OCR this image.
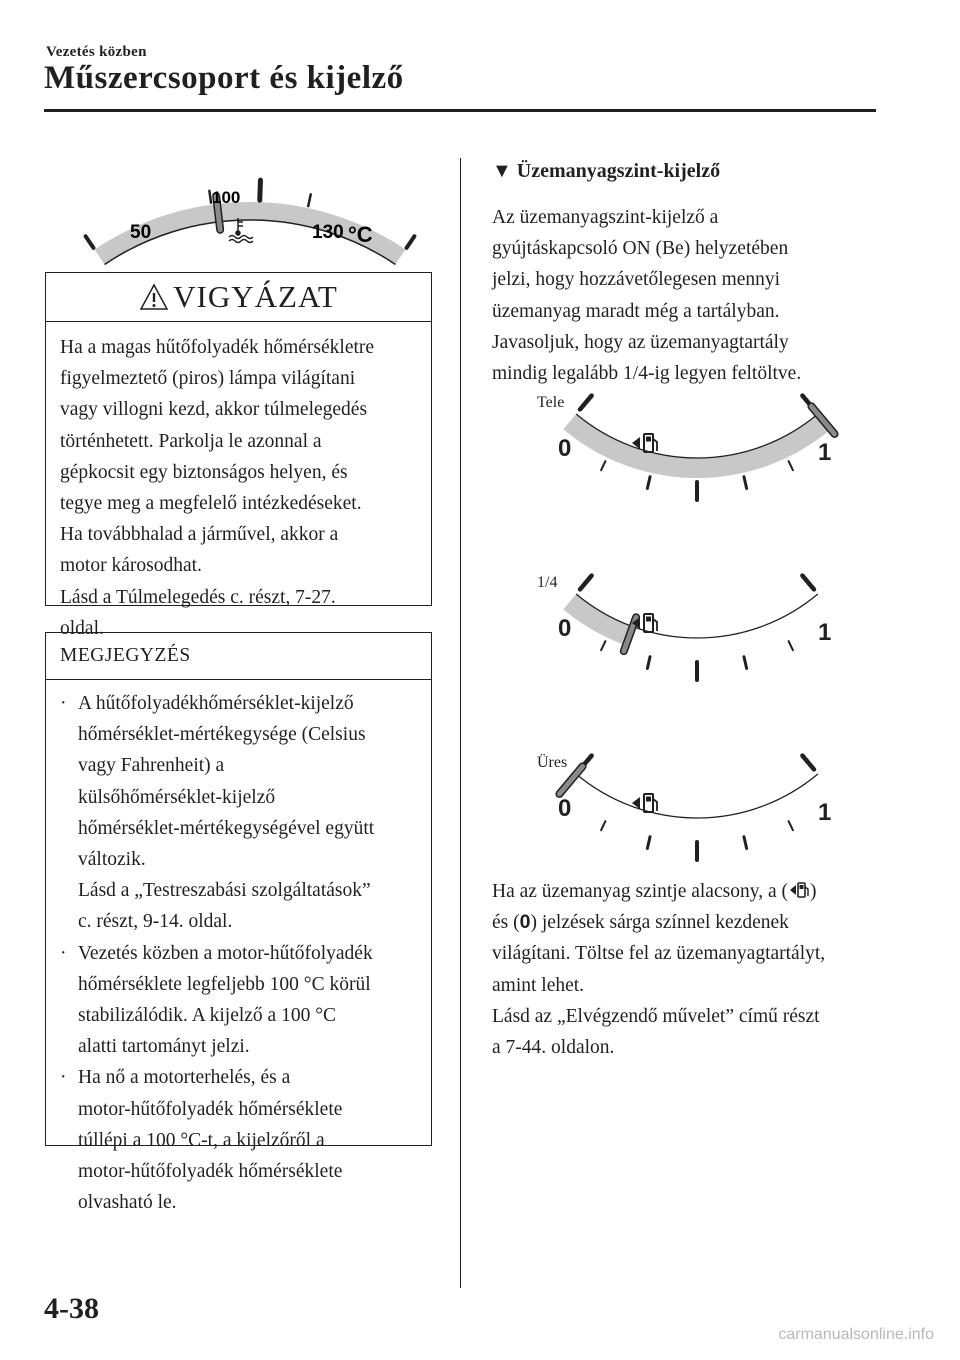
Vezetés közben
Műszercsoport és kijelző
50
100
130 °C
VIGYÁZAT
Ha a magas hűtőfolyadék hőmérsékletre
figyelmeztető (piros) lámpa világítani
vagy villogni kezd, akkor túlmelegedés
történhetett. Parkolja le azonnal a
gépkocsit egy biztonságos helyen, és
tegye meg a megfelelő intézkedéseket.
Ha továbbhalad a járművel, akkor a
motor károsodhat.
Lásd a Túlmelegedés c. részt, 7-27.
oldal.
MEGJEGYZÉS
· A hűtőfolyadékhőmérséklet-kijelző
hőmérséklet-mértékegysége (Celsius
vagy Fahrenheit) a
külsőhőmérséklet-kijelző
hőmérséklet-mértékegységével együtt
változik.
Lásd a „Testreszabási szolgáltatások”
c. részt, 9-14. oldal.
· Vezetés közben a motor-hűtőfolyadék
hőmérséklete legfeljebb 100 °C körül
stabilizálódik. A kijelző a 100 °C
alatti tartományt jelzi.
· Ha nő a motorterhelés, és a
motor-hűtőfolyadék hőmérséklete
túllépi a 100 °C-t, a kijelzőről a
motor-hűtőfolyadék hőmérséklete
olvasható le.
▼ Üzemanyagszint-kijelző
Az üzemanyagszint-kijelző a
gyújtáskapcsoló ON (Be) helyzetében
jelzi, hogy hozzávetőlegesen mennyi
üzemanyag maradt még a tartályban.
Javasoljuk, hogy az üzemanyagtartály
mindig legalább 1/4-ig legyen feltöltve.
Tele
1/4
Üres
0	1
0	1
0	1
Ha az üzemanyag szintje alacsony, a ( )
és (0) jelzések sárga színnel kezdenek
világítani. Töltse fel az üzemanyagtartályt,
amint lehet.
Lásd az „Elvégzendő művelet” című részt
a 7-44. oldalon.
4-38
carmanualsonline.info
